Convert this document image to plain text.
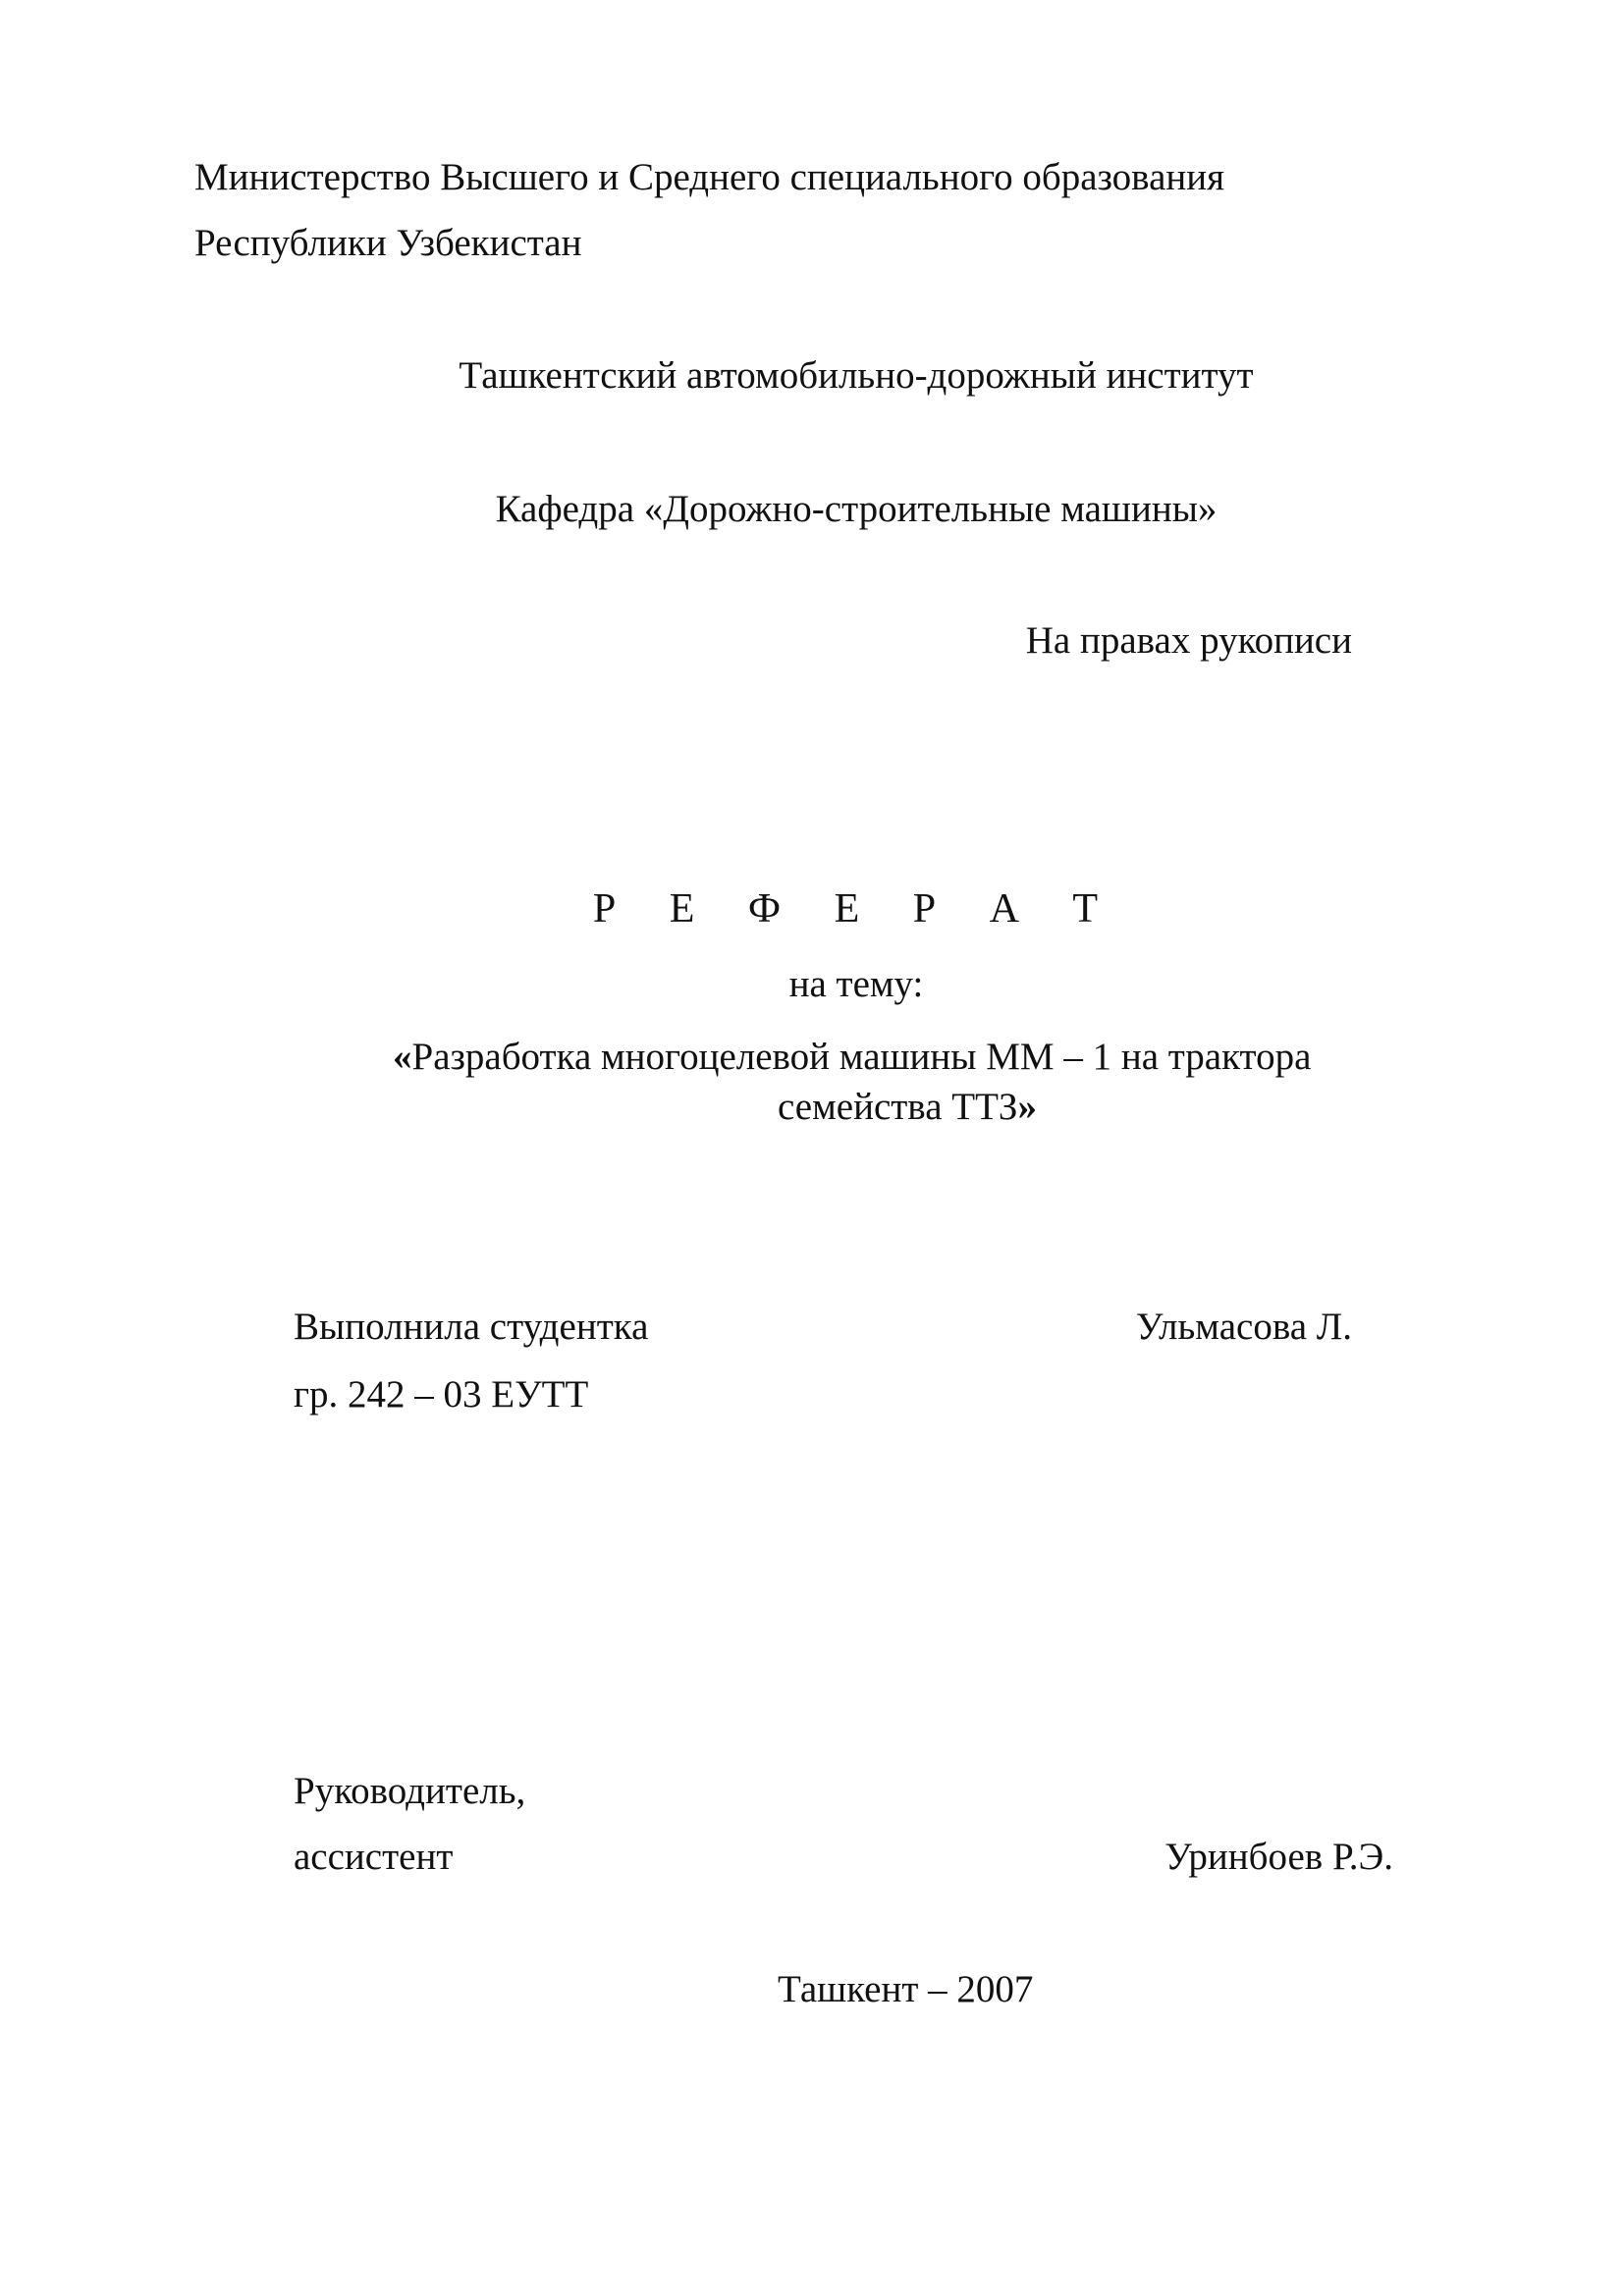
Министерство Высшего и Среднего специального образования
Республики Узбекистан
Ташкентский автомобильно-дорожный институт
Кафедра «Дорожно-строительные машины»
На правах рукописи
Р Е Ф Е Р А Т
на тему:
«Разработка многоцелевой машины ММ – 1 на трактора
семейства ТТЗ»
Выполнила студентка	Ульмасова Л.
гр. 242 – 03 ЕУТТ
Руководитель,
ассистент	Уринбоев Р.Э.
Ташкент – 2007
